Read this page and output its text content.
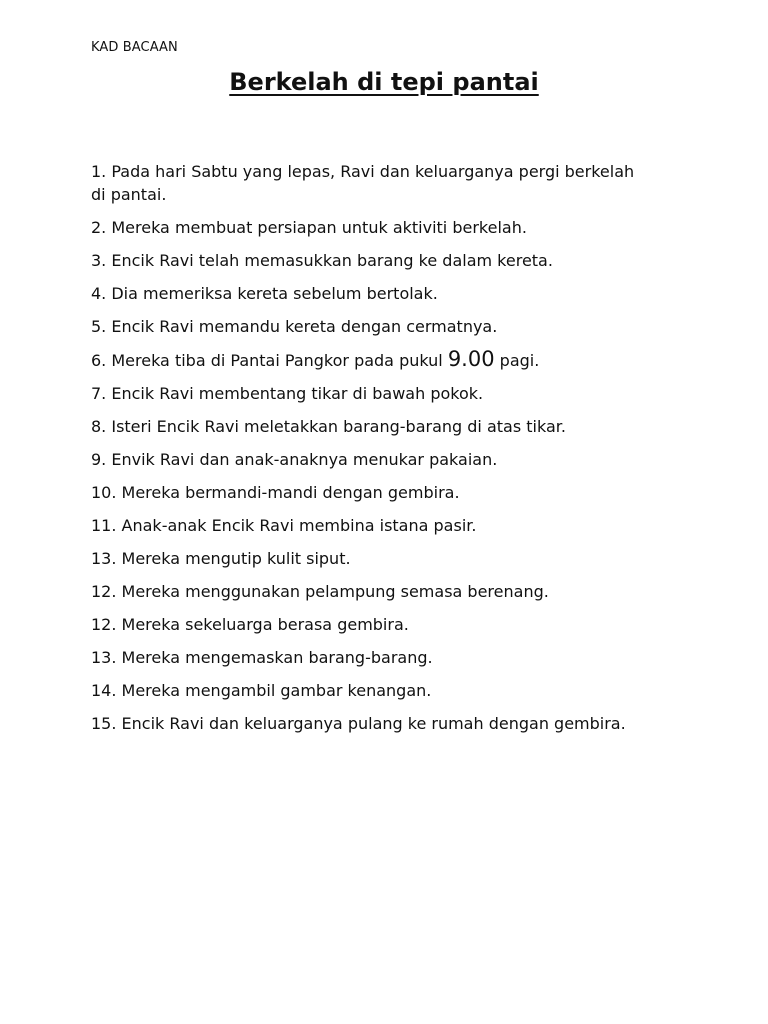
KAD BACAAN
Berkelah di tepi pantai
1. Pada hari Sabtu yang lepas, Ravi dan keluarganya pergi berkelah di pantai.
2. Mereka membuat persiapan untuk aktiviti berkelah.
3. Encik Ravi telah memasukkan barang ke dalam kereta.
4. Dia memeriksa kereta sebelum bertolak.
5. Encik Ravi memandu kereta dengan cermatnya.
6. Mereka tiba di Pantai Pangkor pada pukul 9.00 pagi.
7. Encik Ravi membentang tikar di bawah pokok.
8. Isteri Encik Ravi meletakkan barang-barang di atas tikar.
9. Envik Ravi dan anak-anaknya menukar pakaian.
10. Mereka bermandi-mandi dengan gembira.
11. Anak-anak Encik Ravi membina istana pasir.
13. Mereka mengutip kulit siput.
12. Mereka menggunakan pelampung semasa berenang.
12. Mereka sekeluarga berasa gembira.
13. Mereka mengemaskan barang-barang.
14. Mereka mengambil gambar kenangan.
15. Encik Ravi dan keluarganya pulang ke rumah dengan gembira.
